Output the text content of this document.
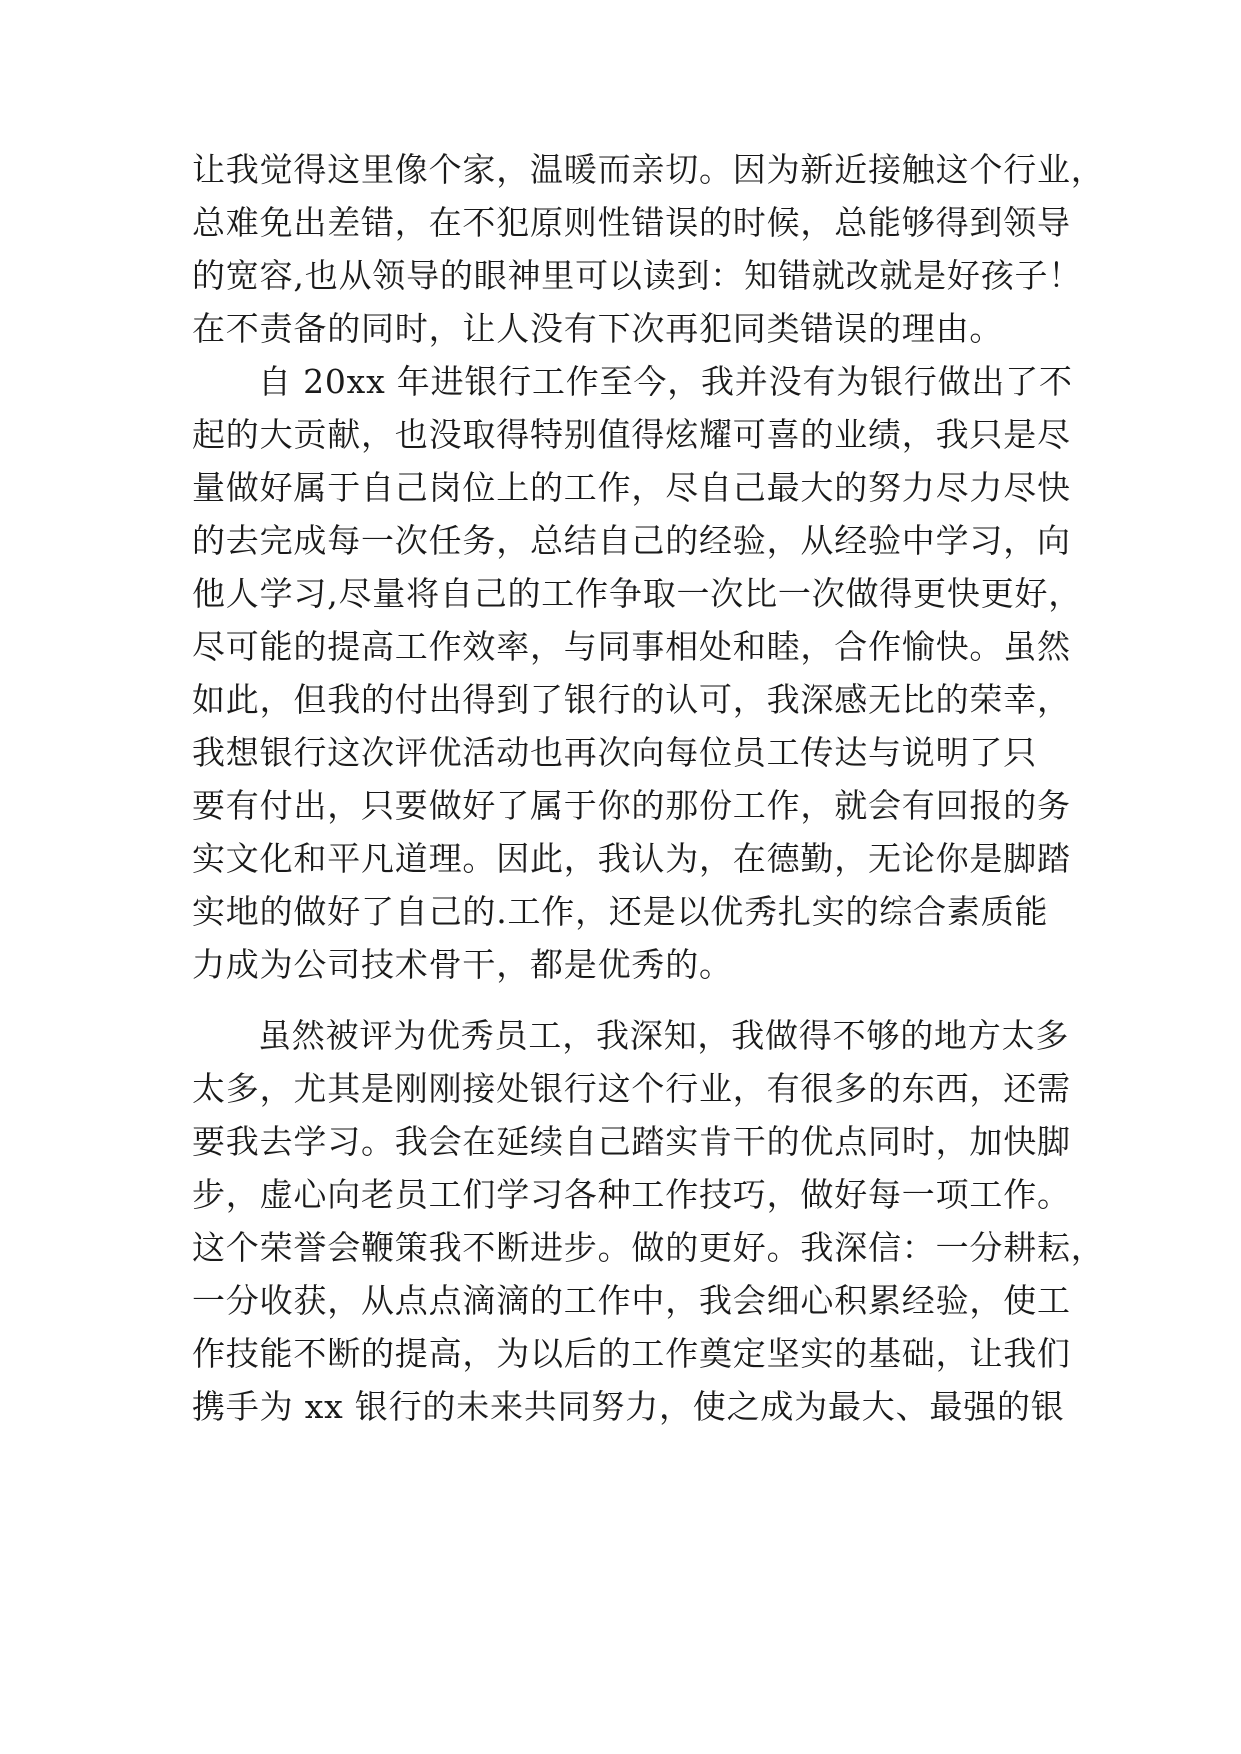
让我觉得这里像个家，温暖而亲切。因为新近接触这个行业，
总难免出差错，在不犯原则性错误的时候，总能够得到领导
的宽容,也从领导的眼神里可以读到：知错就改就是好孩子！
在不责备的同时，让人没有下次再犯同类错误的理由。
自 20xx 年进银行工作至今，我并没有为银行做出了不
起的大贡献，也没取得特别值得炫耀可喜的业绩，我只是尽
量做好属于自己岗位上的工作，尽自己最大的努力尽力尽快
的去完成每一次任务，总结自己的经验，从经验中学习，向
他人学习,尽量将自己的工作争取一次比一次做得更快更好，
尽可能的提高工作效率，与同事相处和睦，合作愉快。虽然
如此，但我的付出得到了银行的认可，我深感无比的荣幸，
我想银行这次评优活动也再次向每位员工传达与说明了只
要有付出，只要做好了属于你的那份工作，就会有回报的务
实文化和平凡道理。因此，我认为，在德勤，无论你是脚踏
实地的做好了自己的.工作，还是以优秀扎实的综合素质能
力成为公司技术骨干，都是优秀的。
虽然被评为优秀员工，我深知，我做得不够的地方太多
太多，尤其是刚刚接处银行这个行业，有很多的东西，还需
要我去学习。我会在延续自己踏实肯干的优点同时，加快脚
步，虚心向老员工们学习各种工作技巧，做好每一项工作。
这个荣誉会鞭策我不断进步。做的更好。我深信：一分耕耘，
一分收获，从点点滴滴的工作中，我会细心积累经验，使工
作技能不断的提高，为以后的工作奠定坚实的基础，让我们
携手为 xx 银行的未来共同努力，使之成为最大、最强的银
